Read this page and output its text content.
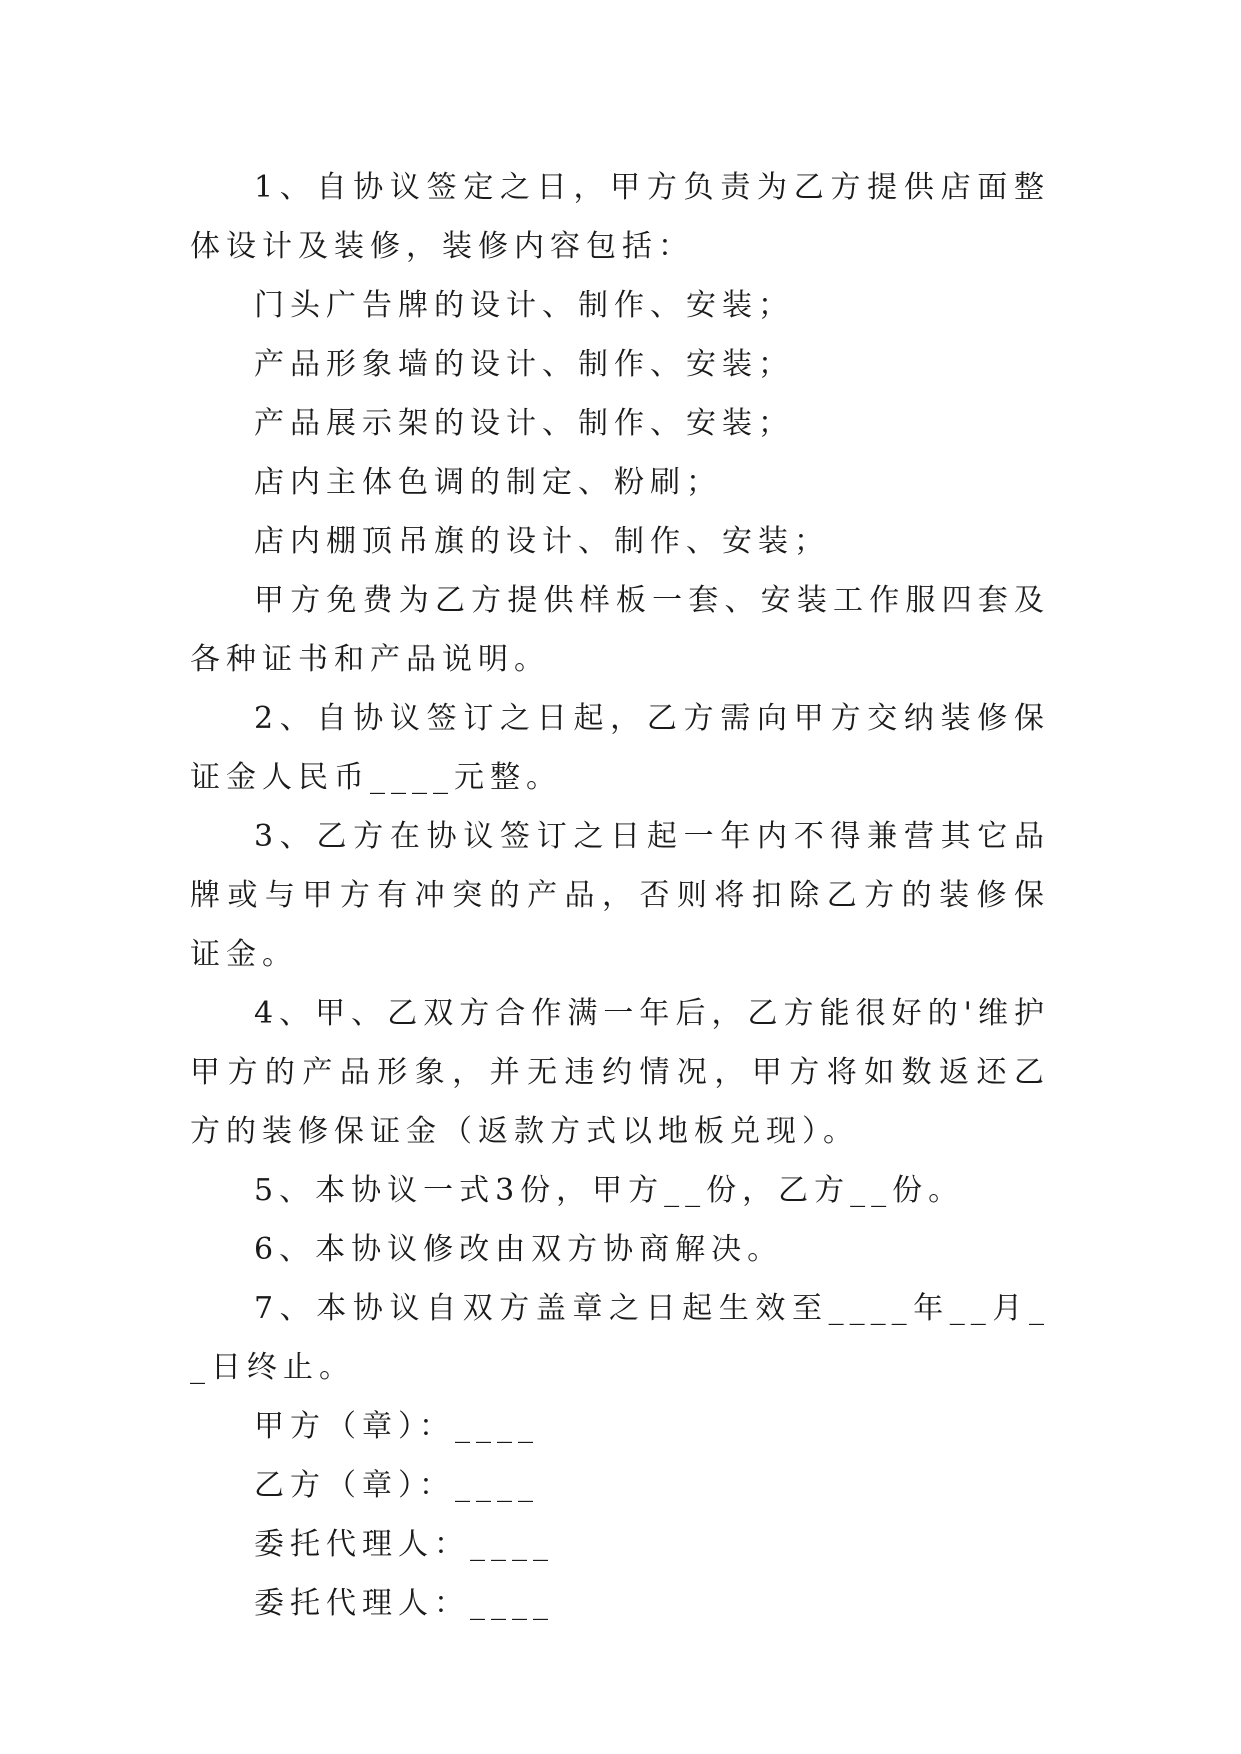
1、自协议签定之日，甲方负责为乙方提供店面整体设计及装修，装修内容包括：

门头广告牌的设计、制作、安装；

产品形象墙的设计、制作、安装；

产品展示架的设计、制作、安装；

店内主体色调的制定、粉刷；

店内棚顶吊旗的设计、制作、安装；

甲方免费为乙方提供样板一套、安装工作服四套及各种证书和产品说明。

2、自协议签订之日起，乙方需向甲方交纳装修保证金人民币____元整。

3、乙方在协议签订之日起一年内不得兼营其它品牌或与甲方有冲突的产品，否则将扣除乙方的装修保证金。

4、甲、乙双方合作满一年后，乙方能很好的'维护甲方的产品形象，并无违约情况，甲方将如数返还乙方的装修保证金（返款方式以地板兑现）。

5、本协议一式3份，甲方__份，乙方__份。

6、本协议修改由双方协商解决。

7、本协议自双方盖章之日起生效至____年__月__日终止。

甲方（章）：____

乙方（章）：____

委托代理人：____

委托代理人：____
